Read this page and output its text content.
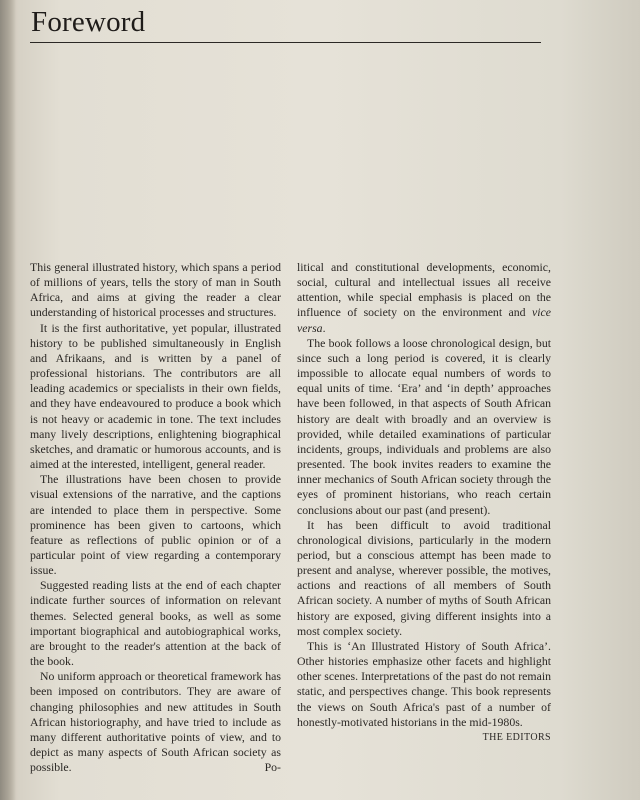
Foreword

This general illustrated history, which spans a period of millions of years, tells the story of man in South Africa, and aims at giving the reader a clear understanding of historical processes and structures.

It is the first authoritative, yet popular, illustrated history to be published simultaneously in English and Afrikaans, and is written by a panel of professional historians. The contributors are all leading academics or specialists in their own fields, and they have endeavoured to produce a book which is not heavy or academic in tone. The text includes many lively descriptions, enlightening biographical sketches, and dramatic or humorous accounts, and is aimed at the interested, intelligent, general reader.

The illustrations have been chosen to provide visual extensions of the narrative, and the captions are intended to place them in perspective. Some prominence has been given to cartoons, which feature as reflections of public opinion or of a particular point of view regarding a contemporary issue.

Suggested reading lists at the end of each chapter indicate further sources of information on relevant themes. Selected general books, as well as some important biographical and autobiographical works, are brought to the reader's attention at the back of the book.

No uniform approach or theoretical framework has been imposed on contributors. They are aware of changing philosophies and new attitudes in South African historiography, and have tried to include as many different authoritative points of view, and to depict as many aspects of South African society as possible. Po-

litical and constitutional developments, economic, social, cultural and intellectual issues all receive attention, while special emphasis is placed on the influence of society on the environment and vice versa.

The book follows a loose chronological design, but since such a long period is covered, it is clearly impossible to allocate equal numbers of words to equal units of time. ‘Era’ and ‘in depth’ approaches have been followed, in that aspects of South African history are dealt with broadly and an overview is provided, while detailed examinations of particular incidents, groups, individuals and problems are also presented. The book invites readers to examine the inner mechanics of South African society through the eyes of prominent historians, who reach certain conclusions about our past (and present).

It has been difficult to avoid traditional chronological divisions, particularly in the modern period, but a conscious attempt has been made to present and analyse, wherever possible, the motives, actions and reactions of all members of South African society. A number of myths of South African history are exposed, giving different insights into a most complex society.

This is ‘An Illustrated History of South Africa’. Other histories emphasize other facets and highlight other scenes. Interpretations of the past do not remain static, and perspectives change. This book represents the views on South Africa's past of a number of honestly-motivated historians in the mid-1980s.

THE EDITORS
